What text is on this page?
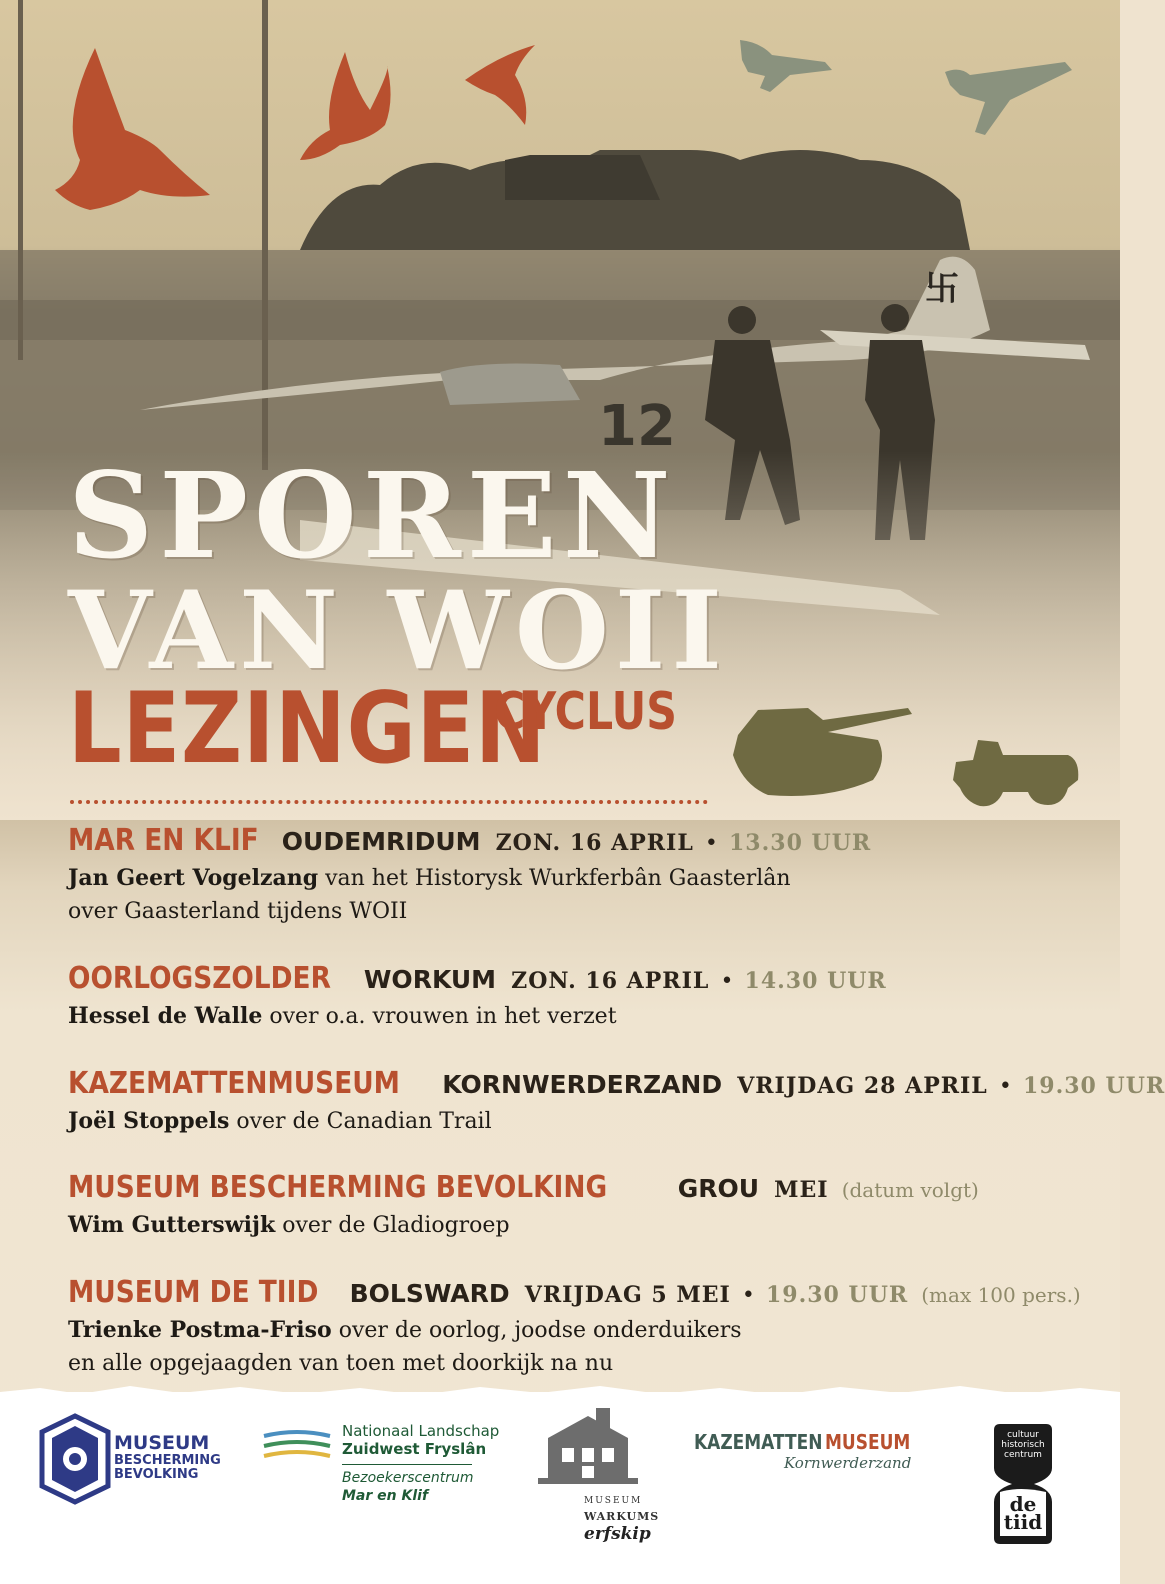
SPOREN
VAN WOII
LEZINGEN
CYCLUS
MAR EN KLIF OUDEMRIDUM ZON. 16 APRIL • 13.30 UUR
Jan Geert Vogelzang van het Historysk Wurkferbân Gaasterlân
over Gaasterland tijdens WOII
OORLOGSZOLDER WORKUM ZON. 16 APRIL • 14.30 UUR
Hessel de Walle over o.a. vrouwen in het verzet
KAZEMATTENMUSEUM KORNWERDERZAND VRIJDAG 28 APRIL • 19.30 UUR
Joël Stoppels over de Canadian Trail
MUSEUM BESCHERMING BEVOLKING	GROU MEI (datum volgt)
Wim Gutterswijk over de Gladiogroep
MUSEUM DE TIID BOLSWARD VRIJDAG 5 MEI • 19.30 UUR (max 100 pers.)
Trienke Postma-Friso over de oorlog, joodse onderduikers
en alle opgejaagden van toen met doorkijk na nu
MUSEUM
BESCHERMING
BEVOLKING
Nationaal Landschap
Zuidwest Fryslân
Bezoekerscentrum
Mar en Klif	MUSEUM
WARKUMS
erfskip
KAZEMATTEN MUSEUM
Kornwerderzand
cultuur
historisch
centrum
de
tiid
